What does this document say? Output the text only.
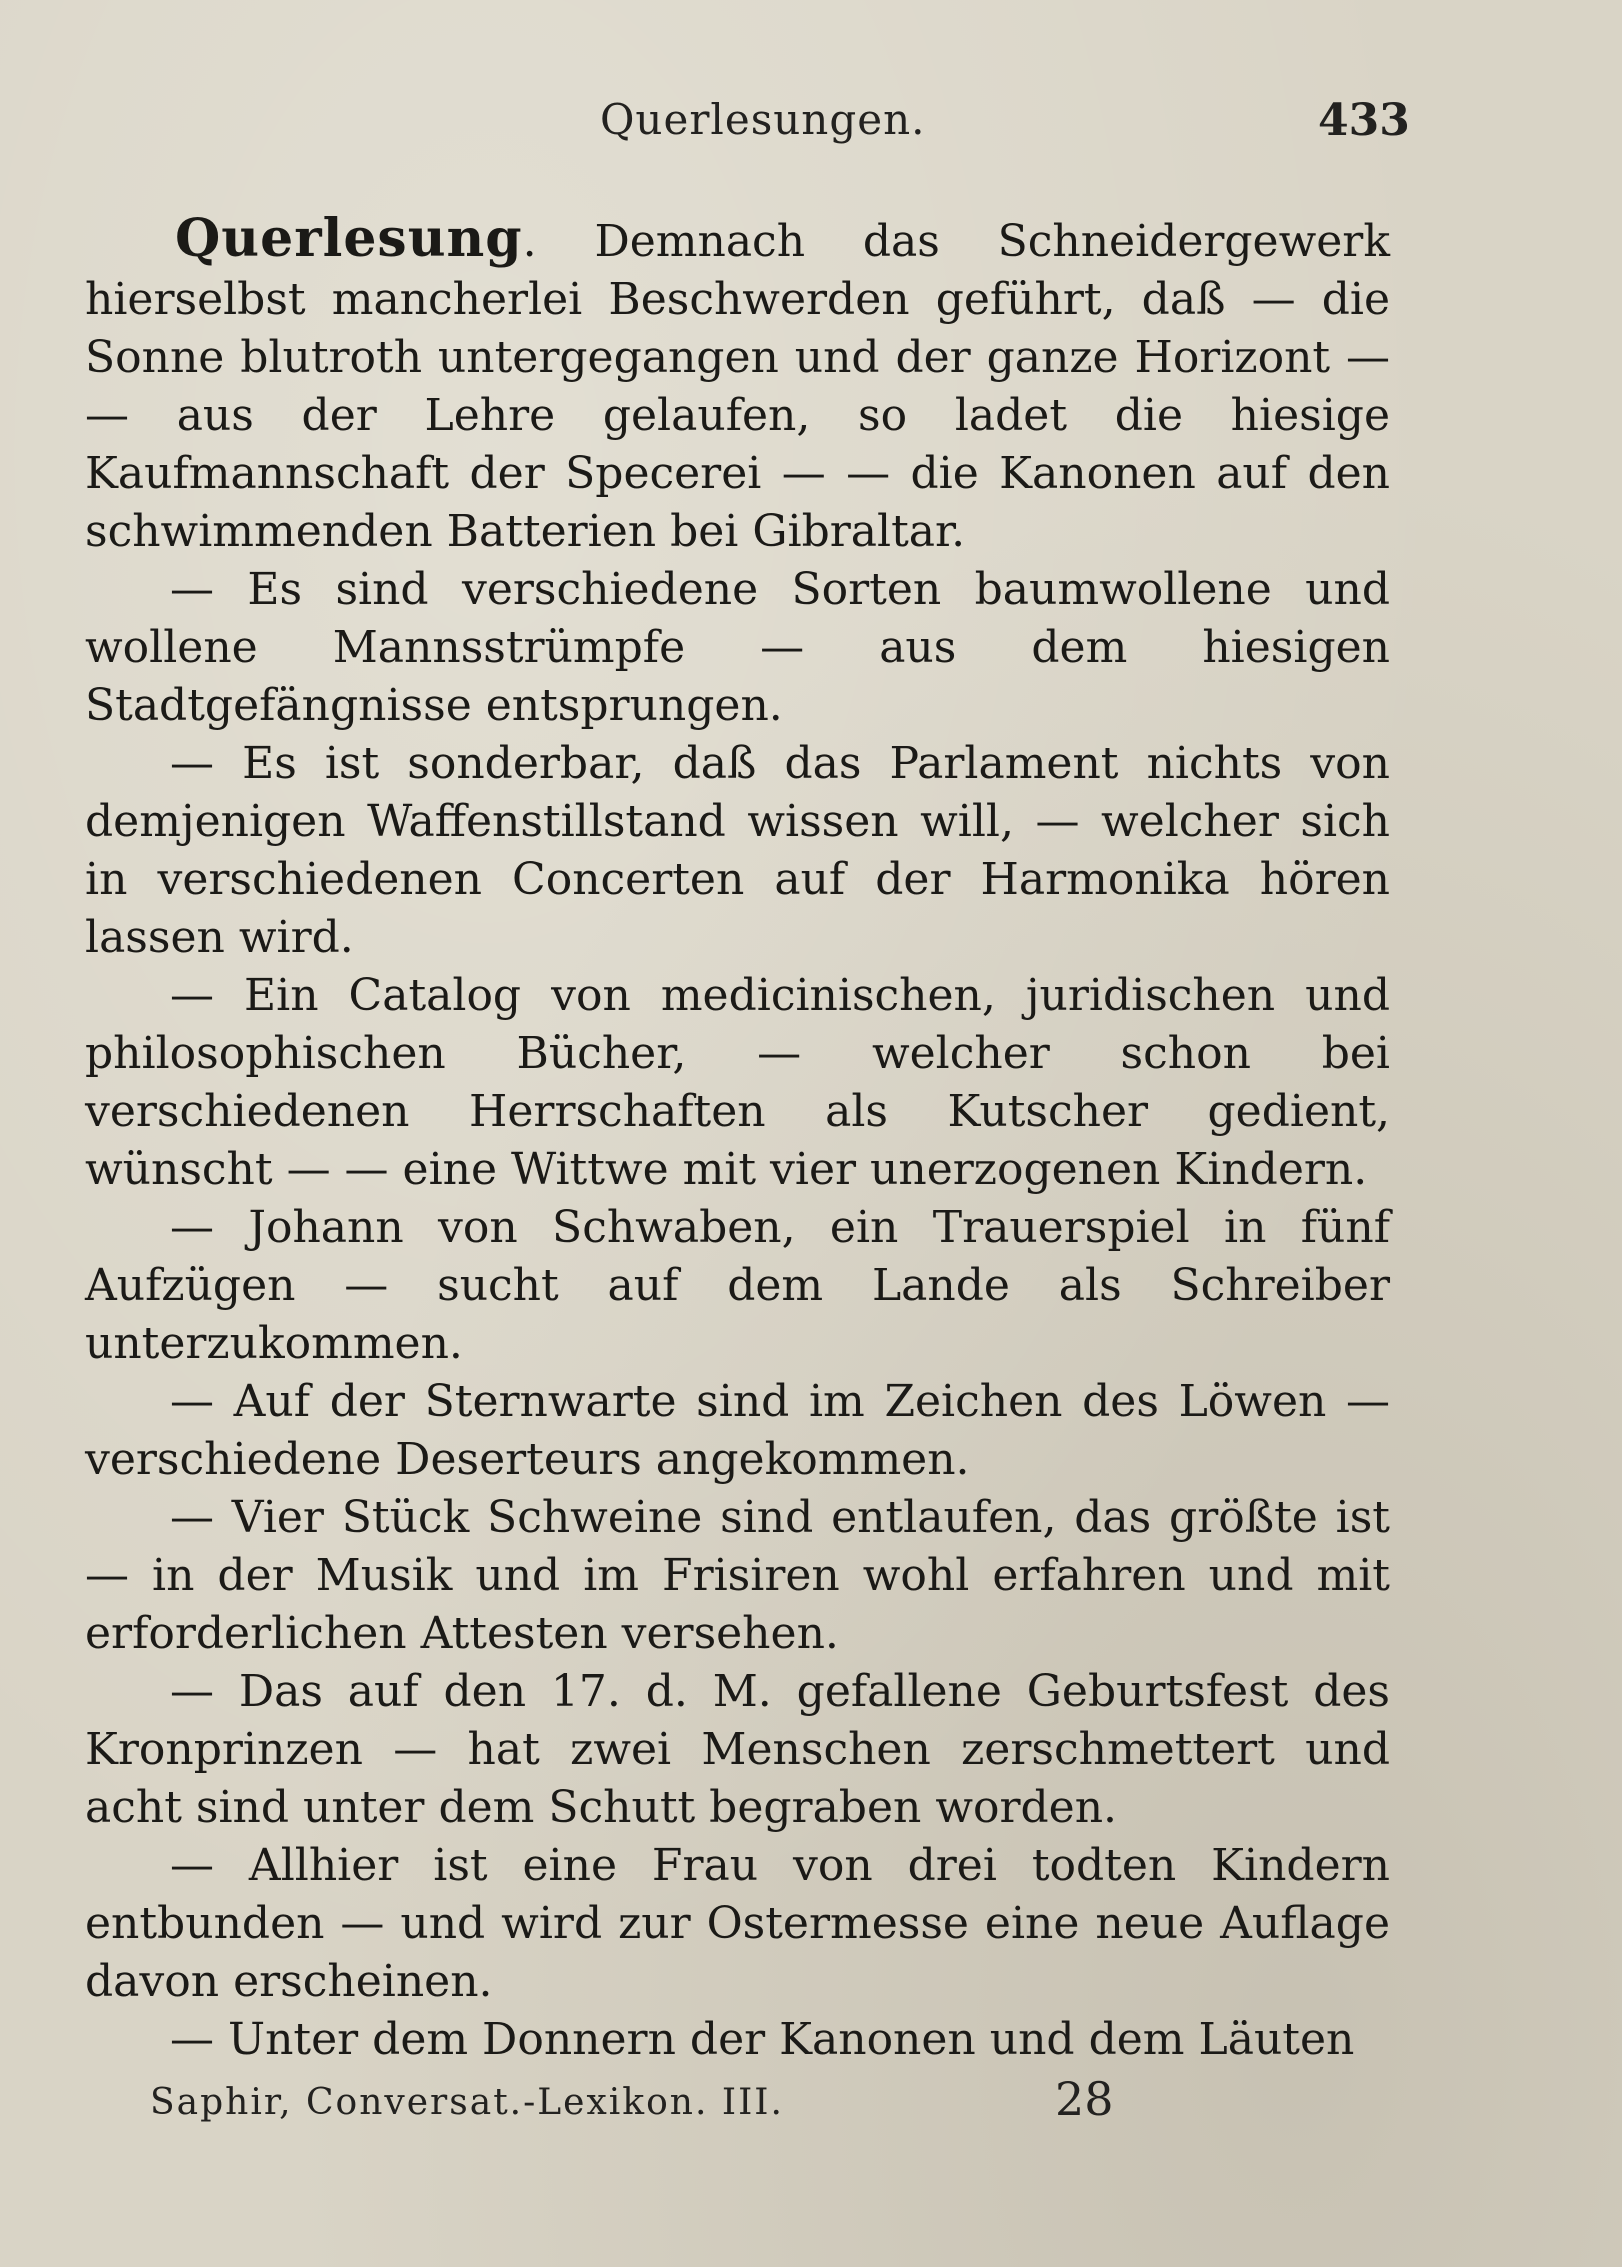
Querlesungen.	433

Querlesung. Demnach das Schneidergewerk hierselbst mancherlei Beschwerden geführt, daß — die Sonne blutroth untergegangen und der ganze Horizont — — aus der Lehre gelaufen, so ladet die hiesige Kaufmannschaft der Specerei — — die Kanonen auf den schwimmenden Batterien bei Gibraltar.

— Es sind verschiedene Sorten baumwollene und wollene Mannsstrümpfe — aus dem hiesigen Stadtgefängnisse entsprungen.

— Es ist sonderbar, daß das Parlament nichts von demjenigen Waffenstillstand wissen will, — welcher sich in verschiedenen Concerten auf der Harmonika hören lassen wird.

— Ein Catalog von medicinischen, juridischen und philosophischen Bücher, — welcher schon bei verschiedenen Herrschaften als Kutscher gedient, wünscht — — eine Wittwe mit vier unerzogenen Kindern.

— Johann von Schwaben, ein Trauerspiel in fünf Aufzügen — sucht auf dem Lande als Schreiber unterzukommen.

— Auf der Sternwarte sind im Zeichen des Löwen — verschiedene Deserteurs angekommen.

— Vier Stück Schweine sind entlaufen, das größte ist — in der Musik und im Frisiren wohl erfahren und mit erforderlichen Attesten versehen.

— Das auf den 17. d. M. gefallene Geburtsfest des Kronprinzen — hat zwei Menschen zerschmettert und acht sind unter dem Schutt begraben worden.

— Allhier ist eine Frau von drei todten Kindern entbunden — und wird zur Ostermesse eine neue Auflage davon erscheinen.

— Unter dem Donnern der Kanonen und dem Läuten

Saphir, Conversat.-Lexikon. III.	28
